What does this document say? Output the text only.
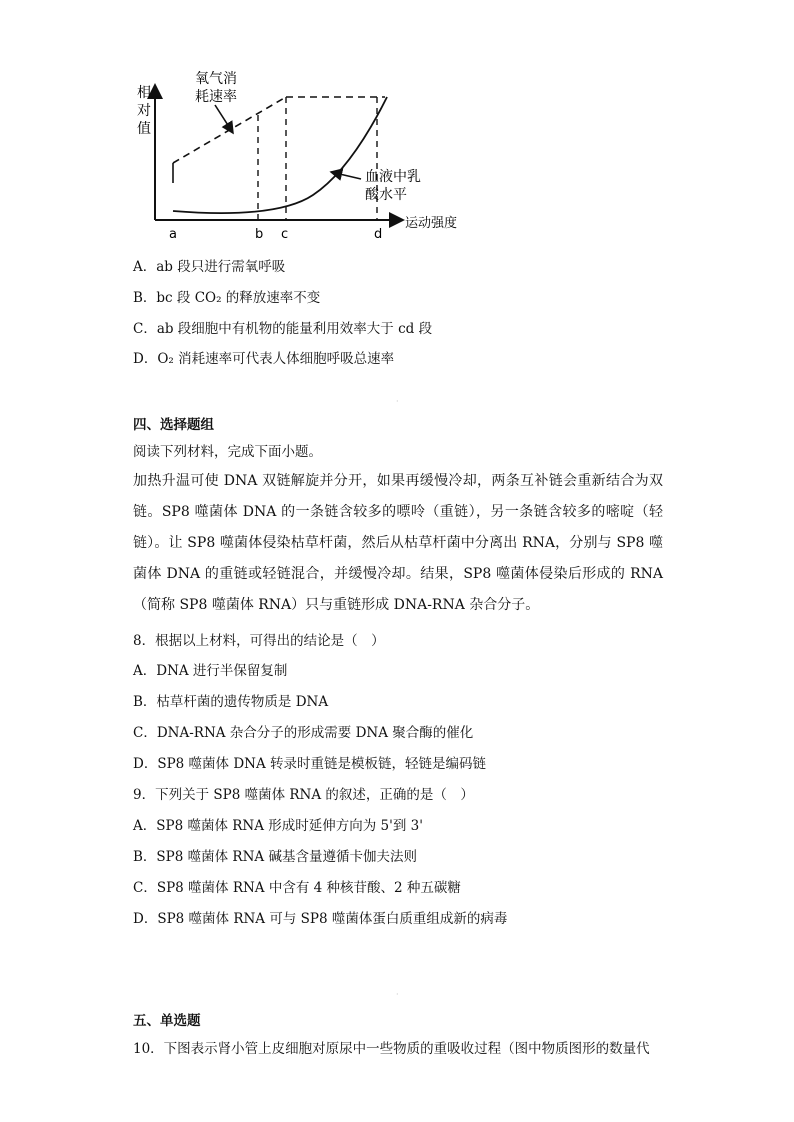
相
对
值
运动强度
a	b c	d
氧气消
耗速率
血液中乳
酸水平
A．ab 段只进行需氧呼吸
B．bc 段 CO₂ 的释放速率不变
C．ab 段细胞中有机物的能量利用效率大于 cd 段
D．O₂ 消耗速率可代表人体细胞呼吸总速率
·
四、选择题组
阅读下列材料，完成下面小题。
加热升温可使 DNA 双链解旋并分开，如果再缓慢冷却，两条互补链会重新结合为双链。SP8 噬菌体 DNA 的一条链含较多的嘌呤（重链），另一条链含较多的嘧啶（轻链）。让 SP8 噬菌体侵染枯草杆菌，然后从枯草杆菌中分离出 RNA，分别与 SP8 噬菌体 DNA 的重链或轻链混合，并缓慢冷却。结果，SP8 噬菌体侵染后形成的 RNA（简称 SP8 噬菌体 RNA）只与重链形成 DNA-RNA 杂合分子。
8．根据以上材料，可得出的结论是（　）
A．DNA 进行半保留复制
B．枯草杆菌的遗传物质是 DNA
C．DNA-RNA 杂合分子的形成需要 DNA 聚合酶的催化
D．SP8 噬菌体 DNA 转录时重链是模板链，轻链是编码链
9．下列关于 SP8 噬菌体 RNA 的叙述，正确的是（　）
A．SP8 噬菌体 RNA 形成时延伸方向为 5'到 3'
B．SP8 噬菌体 RNA 碱基含量遵循卡伽夫法则
C．SP8 噬菌体 RNA 中含有 4 种核苷酸、2 种五碳糖
D．SP8 噬菌体 RNA 可与 SP8 噬菌体蛋白质重组成新的病毒
·
五、单选题
10．下图表示肾小管上皮细胞对原尿中一些物质的重吸收过程（图中物质图形的数量代
